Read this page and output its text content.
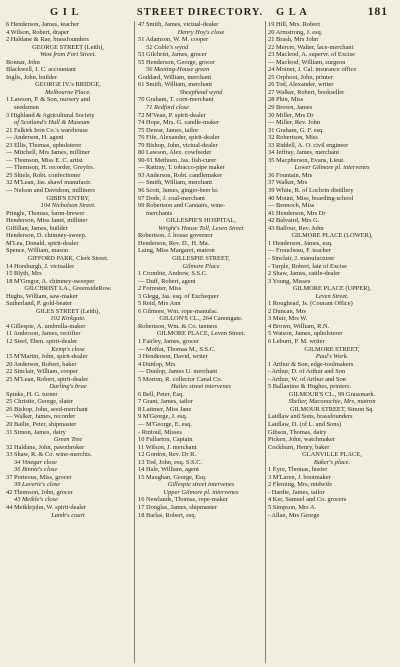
G I L	STREET DIRECTORY.	G L A	181
6 Henderson, James, teacher
4 Wilson, Robert, draper
2 Haldane & Rae, brassfounders
GEORGE STREET (Leith),
West from Fort Street.
Bonnar, John
Blackwell, J. C. accountant
Inglis, John, builder
GEORGE IV.'s BRIDGE,
Melbourne Place.
1 Lawson, P. & Son, nursery and
seedsmen
3 Highland & Agricultural Society
of Scotland's Hall & Museum
21 Falkirk Iron Co.'s warehouse
— Anderson, H. agent
23 Ellis, Thomas, upholsterer
— Mitchell, Mrs James, milliner
— Thomson, Miss E. C. artist
— Thomson, H. recorder, Greyfrs.
25 Shiels, Robt. confectioner
32 M'Lean, Jas. shawl manufactr.
— Nelson and Davidson, milliners
GIBB'S ENTRY,
104 Nicholson Street.
Pringle, Thomas, barm-brewer
Henderson, Miss Janet, milliner
Gilfillan, James, builder
Henderson, D. chimney-sweep.
M'Lea, Donald, spirit-dealer
Spence, William, mason
GIFFORD PARK, Clerk Street.
14 Horsburgh, J. victualler
15 Blyth, Mrs
18 M'Gregor, A. chimney-sweeper
GILCHRIST LA., GreensideRow.
Hughs, William, saw-maker
Sutherland, P. gold-beater
GILES STREET (Leith),
102 Kirkgate.
4 Gillespie, A. umbrella-maker
11 Anderson, James, rectifier
12 Steel, Eben. spirit-dealer
Kemp's close
15 M'Martin, John, spirit-dealer
20 Anderson, Robert, baker
22 Sinclair, William, cooper
25 M'Lean, Robert, spirit-dealer
Darling's brae
Spinks, H. G. turner
25 Christie, George, slater
26 Bishop, John, seed-merchant
— Walker, James, recorder
20 Bailie, Peter, shipmaster
31 Simon, James, dairy
Green Tree
32 Haldane, John, pawnbroker
33 Shaw, R. & Co. wine-merchts.
34 Vinegar close
36 Binnie's close
37 Porteous, Miss, grocer
39 Laverie's close
42 Thomson, John, grocer
43 Meikle's close
44 Meiklejohn, W. spirit-dealer
Lamb's court
47 Smith, James, victual-dealer
Henry Hoy's close
51 Adamson, W. M. cooper
52 Coble's wynd
53 Gilchrist, James, grocer
55 Henderson, George, grocer
56 Meeting-House green
Goddard, William, merchant
61 Smith, William, merchant
Sheephead wynd
70 Graham, T. corn-merchant
71 Redford close
72 M'Vean, P. spirit-dealer
74 Hope, Mrs. G. candle-maker
75 Dewar, James, tailor
76 Fife, Alexander, spirit-dealer
79 Bishop, John, victual-dealer
80 Lawson, Alex. cowfeeder
90-91 Methuen, Jas. fish-curer
— Rattray, T. tobacco-pipe maker
93 Anderson, Robt. candlemaker
— Smith, William, merchant
96 Scott, James, ginger-beer kr.
97 Dods, J. coal-merchant
99 Robertson and Carstairs, wine-
merchants
GILLESPIE'S HOSPITAL,
Wright's House Toll, Leven Street
Robertson, J. house governor
Henderson, Rev. D., H. Ma.
Laing, Miss Margaret, matron
GILLESPIE STREET,
Gilmore Place
1 Crombie, Andrew, S.S.C.
— Duff, Robert, agent
2 Forrester, Miss
3 Glegg, Jas. esq. of Exchequer
5 Reid, Mrs Ann
6 Gilmore, Wm. rope-manufac.
GILLON'S CL., 264 Canongate.
Robertson, Wm. & Co. tanners
GILMORE PLACE, Leven Street.
1 Fairley, James, grocer
— Moffat, Thomas M., S.S.C.
3 Henderson, David, writer
4 Dunlop, Mrs
— Dunlop, James U. merchant
5 Morton, R. collector Canal Co.
Hailes street intervenes
6 Bell, Peter, Esq.
7 Grant, James, tailor
8 Latimer, Miss Jane
9 M'George, J. esq.
— M'George, E. esq.
- Rintoul, Misses
10 Fullarton, Captain
11 Wilson, J. merchant
12 Gordon, Rev. Dr R.
13 Tod, John, esq. S.S.C.
14 Hale, William, agent
15 Maughan, George, Esq.
Gillespie street intervenes
Upper Gilmore pl. intervenes
16 Newlands, Thomas, rope-maker
17 Douglas, James, shipmaster
18 Barlas, Robert, esq.
19 Hill, Mrs. Robert
20 Armstrong, J. esq.
21 Brash, Mrs John
22 Mercer, Walter, lace-merchant
23 Macleod, A. supervr. of Excise
— Macleod, William, surgeon
24 Moinet, J. Cal. insurance office
25 Orphoot, John, printer
26 Tod, Alexander, writer
27 Walker, Robert, bookseller
28 Phin, Miss
29 Brown, James
30 Miller, Mrs Dr
— Miller, Rev. John
31 Graham, G. F. esq.
32 Robertson, Miss
33 Riddell, A. O. civil engineer
34 Jeffray, James, merchant
35 Macpherson, Evans, Lieut.
Lower Gilmore pl. intervenes
36 Fountain, Mrs
37 Walker, Mrs
39 White, R. of Lochrin distillery
40 Mount, Miss, boarding-school
— Bennoch, Miss
41 Henderson, Mrs Dr
42 Balvaird, Mrs G.
43 Balfour, Rev. John
GILMORE PLACE (LOWER),
1 Henderson, James, esq.
— Froucheau, F. teacher
- Sinclair, J. manufacturer
- Turple, Robert, late of Excise
2 Shaw, James, cattle-dealer
3 Young, Misses
GILMORE PLACE (UPPER),
Leven Street.
1 Roughead, Js. (Courant Office)
2 Duncan, Mrs
3 Muir, Mrs W.
4 Brown, William, R.N.
5 Watson, James, upholsterer
6 Leburn, P. M. writer
GILMORE STREET,
Paul's Work.
1 Arthur & Son, edge-toolmakers
- Arthur, D. of Arthur and Son
- Arthur, W. of Arthur and Son
5 Ballantine & Hughes, printers.
GILMOUR'S CL., 99 Grassmark.
Shelter, Maconochie, Mrs, matron
GILMOUR STREET, Simon Sq.
Laidlaw and Sons, brassfounders
Laidlaw, D. (of L. and Sons)
Gibson, Thomas, dairy
Picken, John, watchmaker
Cockburn, Henry, baker
GLANVILLE PLACE,
Baker's place.
1 Eyre, Thomas, hosier
3 M'Laren, J. bootmaker
2 Fleming, Mrs, midwife
- Hardie, James, tailor
4 Ker, Samuel and Co. grocers
5 Simpson, Mrs A.
- Allan, Mrs George
